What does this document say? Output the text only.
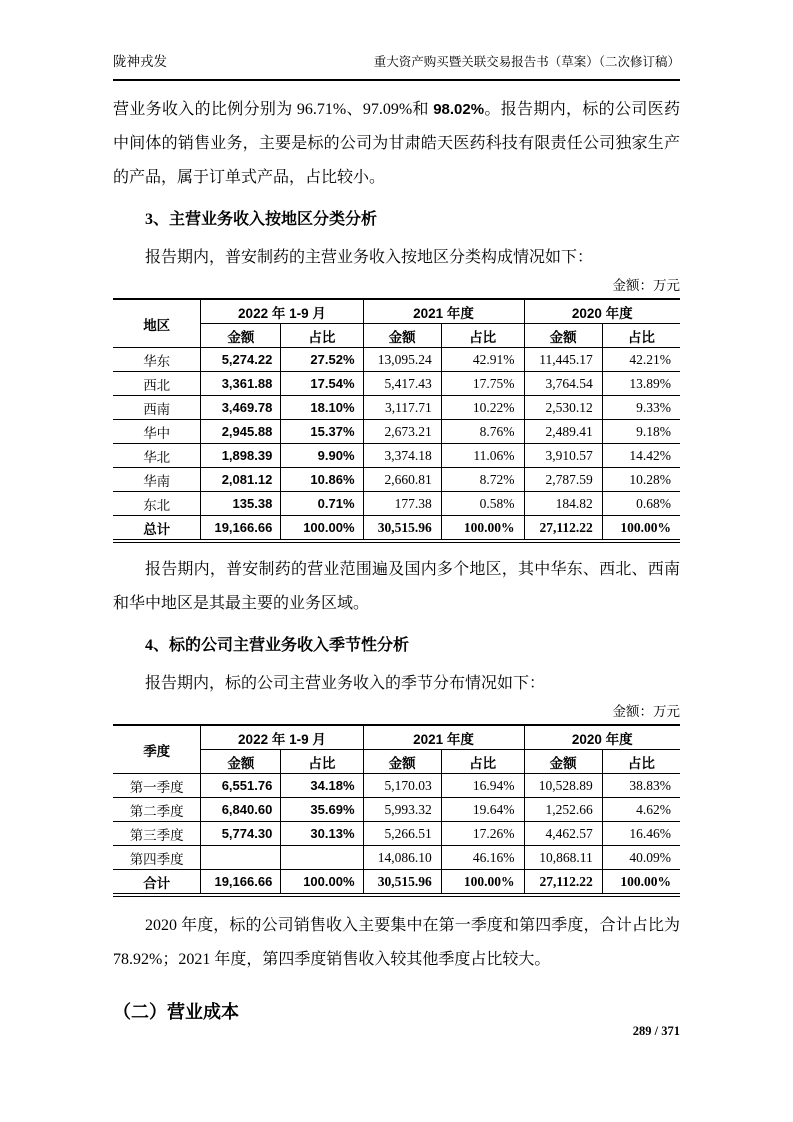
陇神戎发	重大资产购买暨关联交易报告书（草案）（二次修订稿）

营业务收入的比例分别为 96.71%、97.09%和 98.02%。报告期内，标的公司医药中间体的销售业务，主要是标的公司为甘肃皓天医药科技有限责任公司独家生产的产品，属于订单式产品，占比较小。

3、主营业务收入按地区分类分析

报告期内，普安制药的主营业务收入按地区分类构成情况如下：

金额：万元
地区	2022 年 1-9 月		2021 年度		2020 年度	
	金额	占比	金额	占比	金额	占比
华东	5,274.22	27.52%	13,095.24	42.91%	11,445.17	42.21%
西北	3,361.88	17.54%	5,417.43	17.75%	3,764.54	13.89%
西南	3,469.78	18.10%	3,117.71	10.22%	2,530.12	9.33%
华中	2,945.88	15.37%	2,673.21	8.76%	2,489.41	9.18%
华北	1,898.39	9.90%	3,374.18	11.06%	3,910.57	14.42%
华南	2,081.12	10.86%	2,660.81	8.72%	2,787.59	10.28%
东北	135.38	0.71%	177.38	0.58%	184.82	0.68%
总计	19,166.66	100.00%	30,515.96	100.00%	27,112.22	100.00%

报告期内，普安制药的营业范围遍及国内多个地区，其中华东、西北、西南和华中地区是其最主要的业务区域。

4、标的公司主营业务收入季节性分析

报告期内，标的公司主营业务收入的季节分布情况如下：

金额：万元
季度	2022 年 1-9 月		2021 年度		2020 年度	
	金额	占比	金额	占比	金额	占比
第一季度	6,551.76	34.18%	5,170.03	16.94%	10,528.89	38.83%
第二季度	6,840.60	35.69%	5,993.32	19.64%	1,252.66	4.62%
第三季度	5,774.30	30.13%	5,266.51	17.26%	4,462.57	16.46%
第四季度			14,086.10	46.16%	10,868.11	40.09%
合计	19,166.66	100.00%	30,515.96	100.00%	27,112.22	100.00%

2020 年度，标的公司销售收入主要集中在第一季度和第四季度，合计占比为 78.92%；2021 年度，第四季度销售收入较其他季度占比较大。

（二）营业成本
289 / 371
